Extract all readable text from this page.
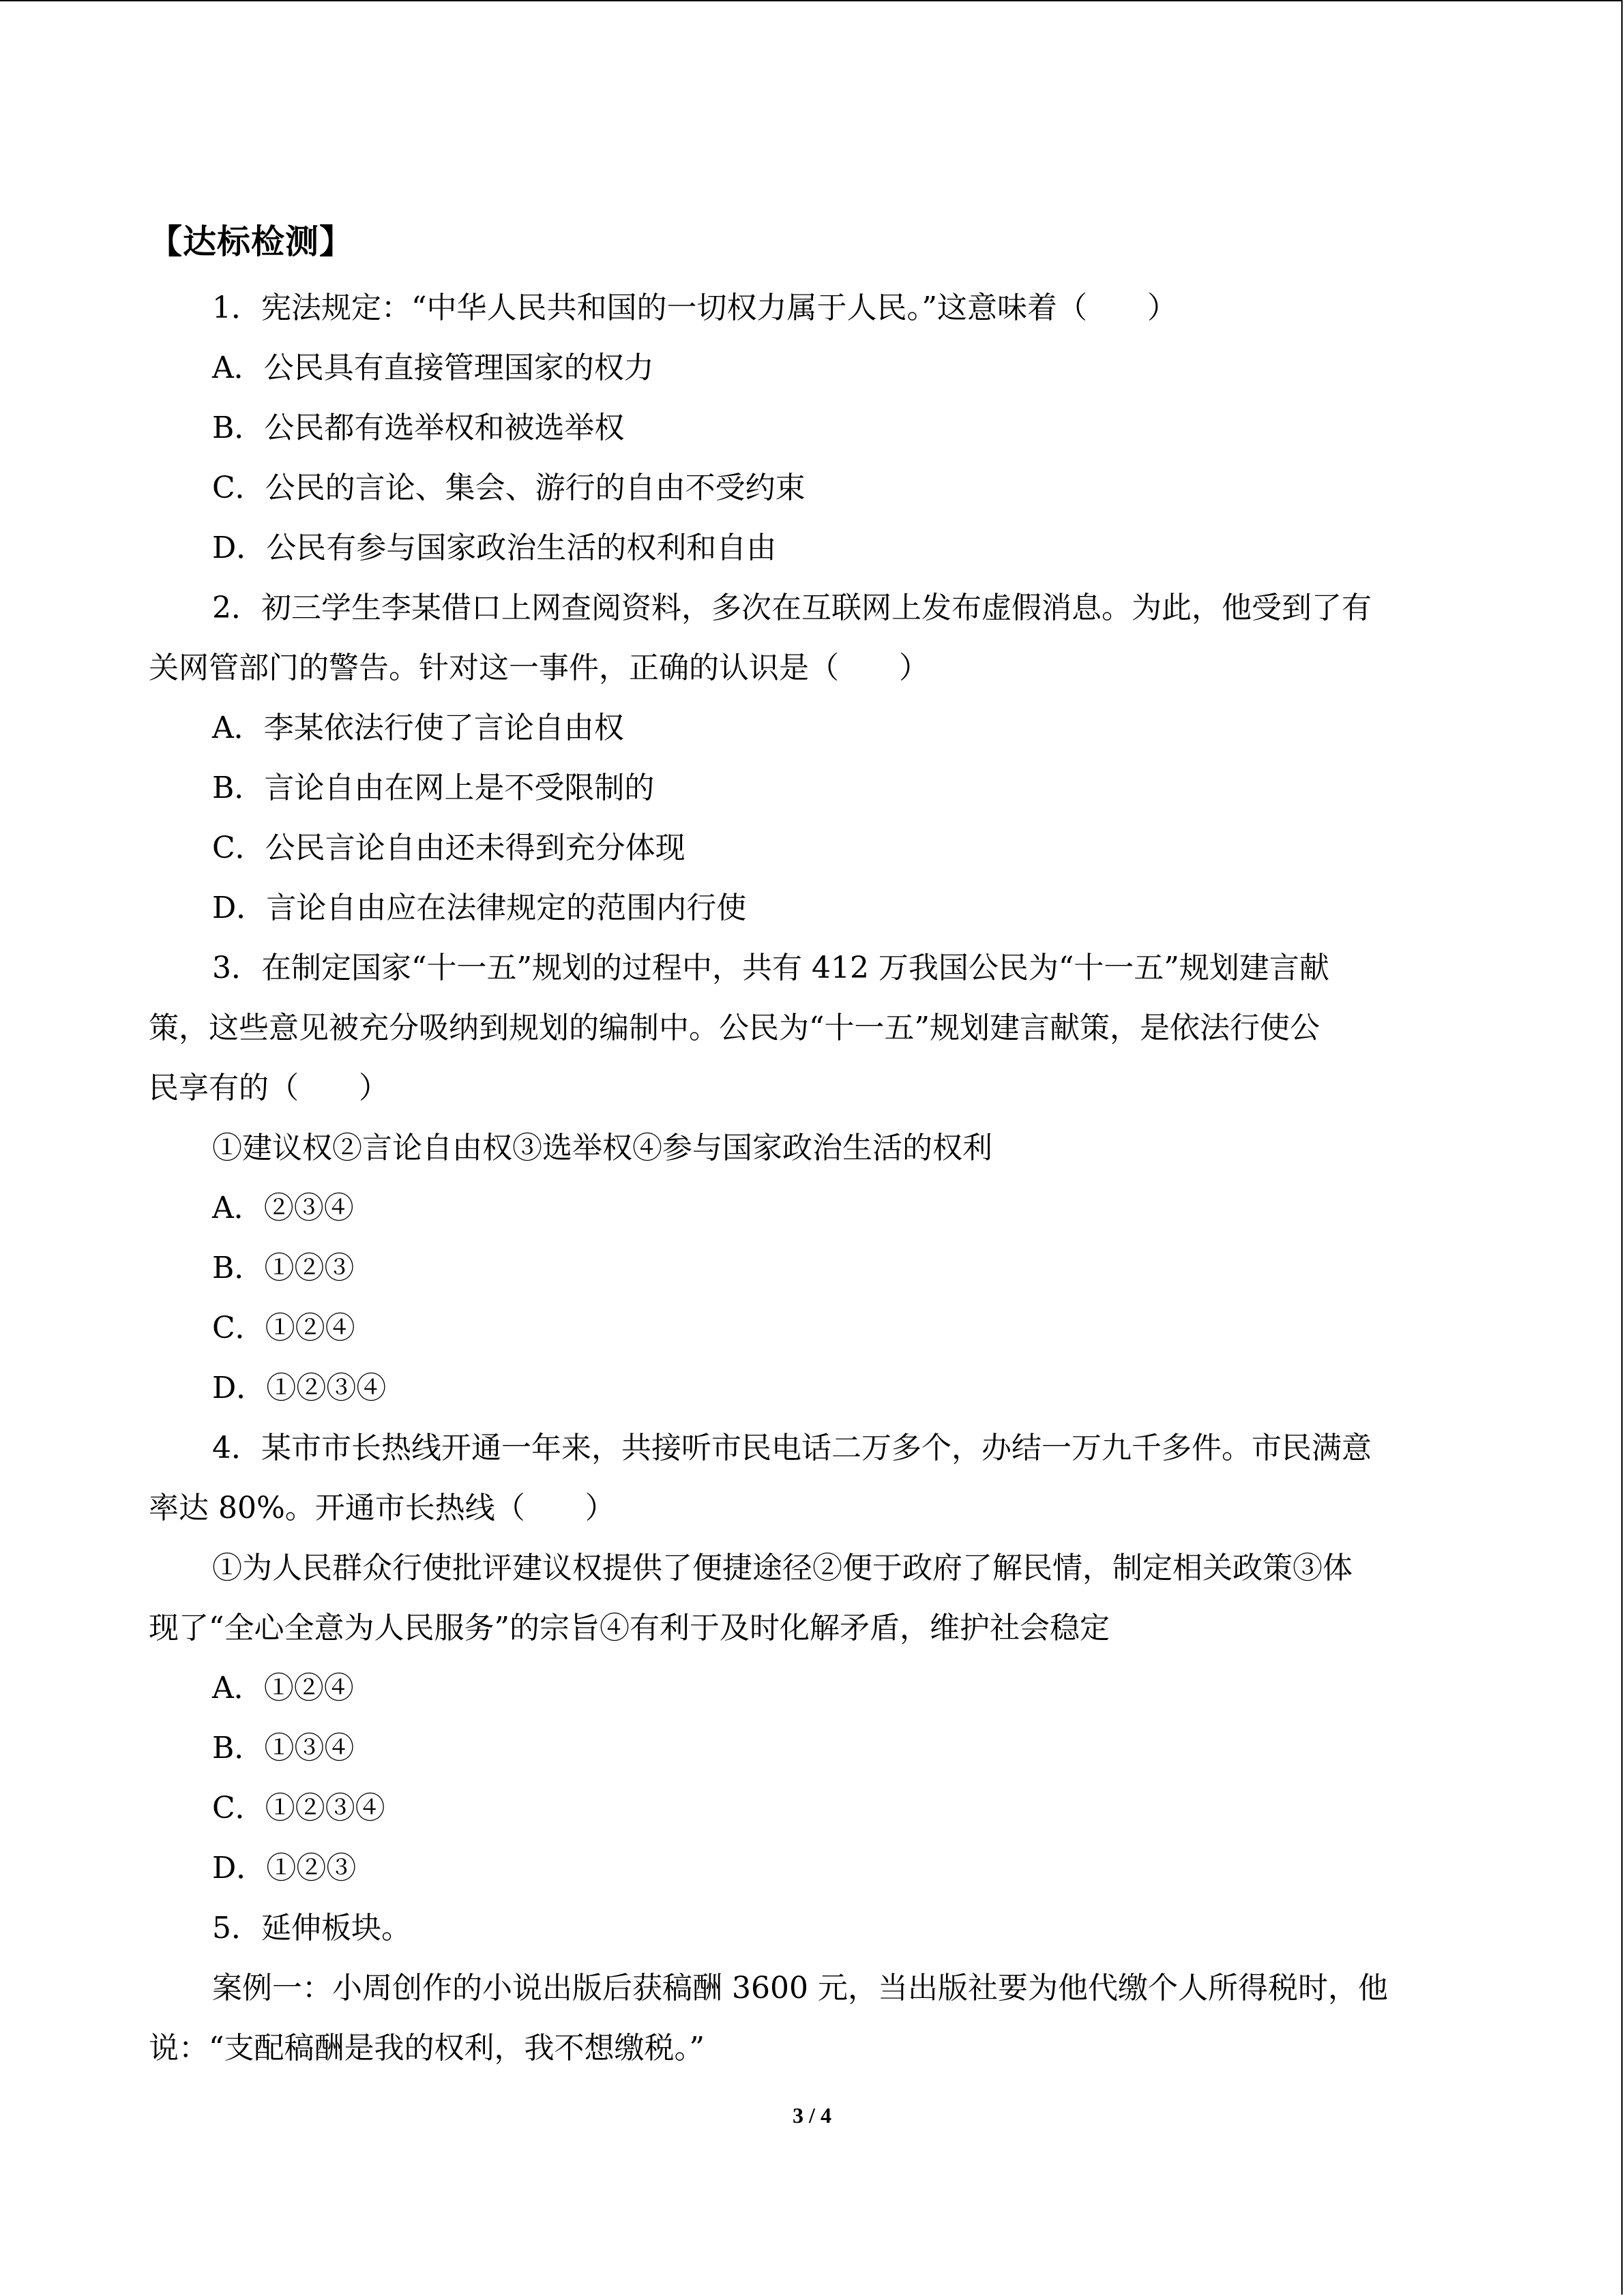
【达标检测】

1．宪法规定：“中华人民共和国的一切权力属于人民。”这意味着（　　）

A．公民具有直接管理国家的权力

B．公民都有选举权和被选举权

C．公民的言论、集会、游行的自由不受约束

D．公民有参与国家政治生活的权利和自由

2．初三学生李某借口上网查阅资料，多次在互联网上发布虚假消息。为此，他受到了有

关网管部门的警告。针对这一事件，正确的认识是（　　）

A．李某依法行使了言论自由权

B．言论自由在网上是不受限制的

C．公民言论自由还未得到充分体现

D．言论自由应在法律规定的范围内行使

3．在制定国家“十一五”规划的过程中，共有 412 万我国公民为“十一五”规划建言献

策，这些意见被充分吸纳到规划的编制中。公民为“十一五”规划建言献策，是依法行使公

民享有的（　　）

①建议权②言论自由权③选举权④参与国家政治生活的权利

A．②③④

B．①②③

C．①②④

D．①②③④

4．某市市长热线开通一年来，共接听市民电话二万多个，办结一万九千多件。市民满意

率达 80%。开通市长热线（　　）

①为人民群众行使批评建议权提供了便捷途径②便于政府了解民情，制定相关政策③体

现了“全心全意为人民服务”的宗旨④有利于及时化解矛盾，维护社会稳定

A．①②④

B．①③④

C．①②③④

D．①②③

5．延伸板块。

案例一：小周创作的小说出版后获稿酬 3600 元，当出版社要为他代缴个人所得税时，他

说：“支配稿酬是我的权利，我不想缴税。”

3 / 4
